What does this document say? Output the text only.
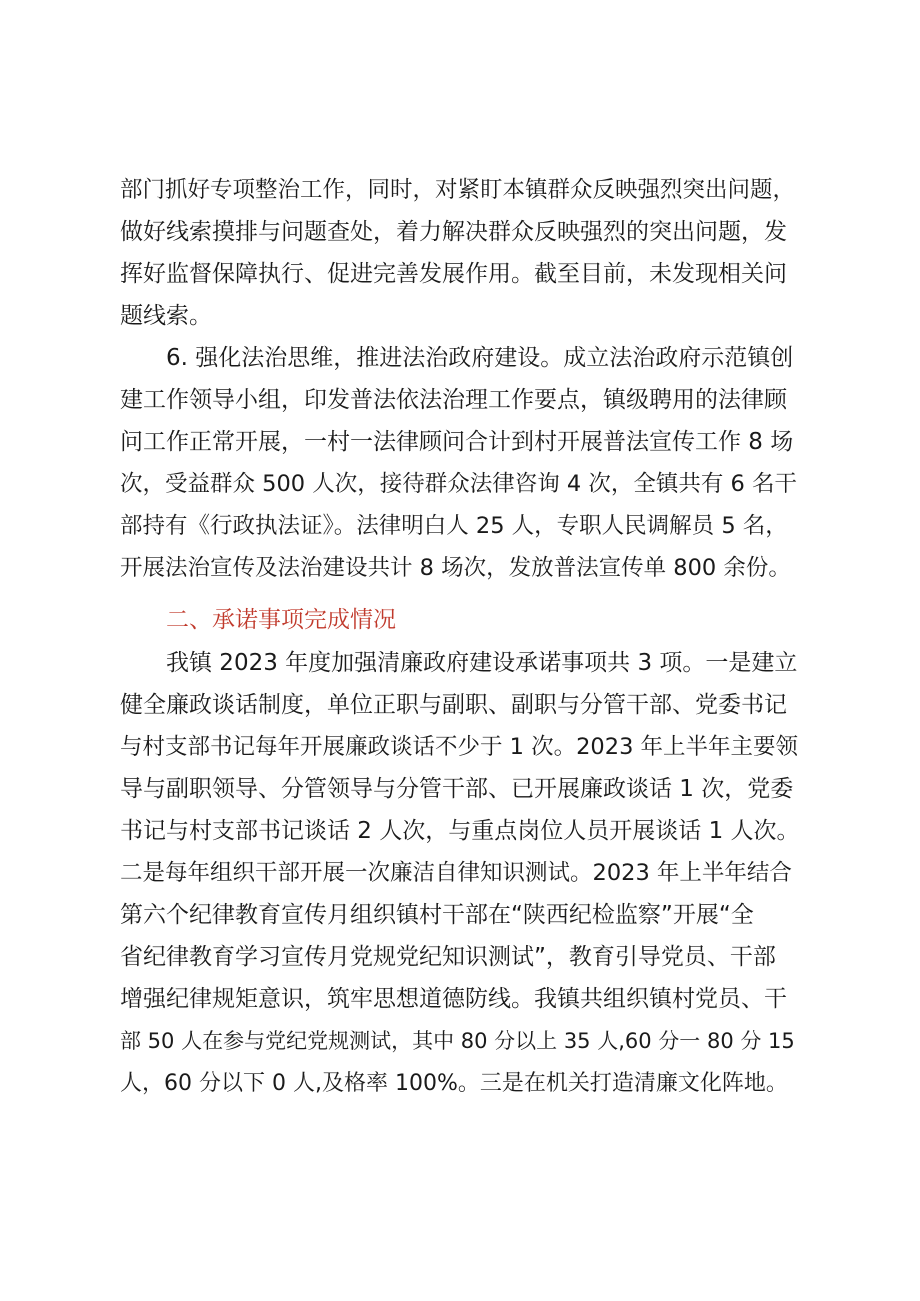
部门抓好专项整治工作，同时，对紧盯本镇群众反映强烈突出问题，
做好线索摸排与问题查处，着力解决群众反映强烈的突出问题，发
挥好监督保障执行、促进完善发展作用。截至目前，未发现相关问
题线索。
6. 强化法治思维，推进法治政府建设。成立法治政府示范镇创
建工作领导小组，印发普法依法治理工作要点，镇级聘用的法律顾
问工作正常开展，一村一法律顾问合计到村开展普法宣传工作 8 场
次，受益群众 500 人次，接待群众法律咨询 4 次，全镇共有 6 名干
部持有《行政执法证》。法律明白人 25 人，专职人民调解员 5 名，
开展法治宣传及法治建设共计 8 场次，发放普法宣传单 800 余份。
二、承诺事项完成情况
我镇 2023 年度加强清廉政府建设承诺事项共 3 项。一是建立
健全廉政谈话制度，单位正职与副职、副职与分管干部、党委书记
与村支部书记每年开展廉政谈话不少于 1 次。2023 年上半年主要领
导与副职领导、分管领导与分管干部、已开展廉政谈话 1 次，党委
书记与村支部书记谈话 2 人次，与重点岗位人员开展谈话 1 人次。
二是每年组织干部开展一次廉洁自律知识测试。2023 年上半年结合
第六个纪律教育宣传月组织镇村干部在“陕西纪检监察”开展“全
省纪律教育学习宣传月党规党纪知识测试”，教育引导党员、干部
增强纪律规矩意识，筑牢思想道德防线。我镇共组织镇村党员、干
部 50 人在参与党纪党规测试，其中 80 分以上 35 人,60 分一 80 分 15
人，60 分以下 0 人,及格率 100%。三是在机关打造清廉文化阵地。
